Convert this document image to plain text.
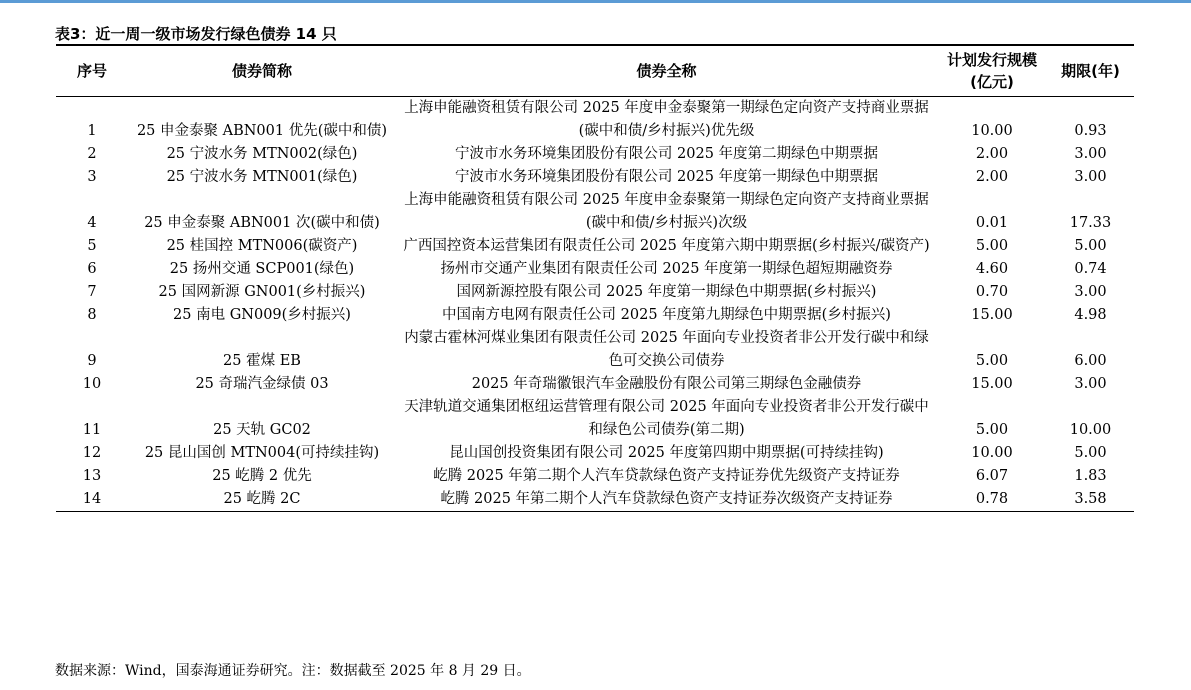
表3：近一周一级市场发行绿色债券 14 只
序号	债券简称	债券全称	计划发行规模(亿元)	期限(年)
1	25 申金泰聚 ABN001 优先(碳中和债)	上海申能融资租赁有限公司 2025 年度申金泰聚第一期绿色定向资产支持商业票据(碳中和债/乡村振兴)优先级	10.00	0.93
2	25 宁波水务 MTN002(绿色)	宁波市水务环境集团股份有限公司 2025 年度第二期绿色中期票据	2.00	3.00
3	25 宁波水务 MTN001(绿色)	宁波市水务环境集团股份有限公司 2025 年度第一期绿色中期票据	2.00	3.00
4	25 申金泰聚 ABN001 次(碳中和债)	上海申能融资租赁有限公司 2025 年度申金泰聚第一期绿色定向资产支持商业票据(碳中和债/乡村振兴)次级	0.01	17.33
5	25 桂国控 MTN006(碳资产)	广西国控资本运营集团有限责任公司 2025 年度第六期中期票据(乡村振兴/碳资产)	5.00	5.00
6	25 扬州交通 SCP001(绿色)	扬州市交通产业集团有限责任公司 2025 年度第一期绿色超短期融资券	4.60	0.74
7	25 国网新源 GN001(乡村振兴)	国网新源控股有限公司 2025 年度第一期绿色中期票据(乡村振兴)	0.70	3.00
8	25 南电 GN009(乡村振兴)	中国南方电网有限责任公司 2025 年度第九期绿色中期票据(乡村振兴)	15.00	4.98
9	25 霍煤 EB	内蒙古霍林河煤业集团有限责任公司 2025 年面向专业投资者非公开发行碳中和绿色可交换公司债券	5.00	6.00
10	25 奇瑞汽金绿债 03	2025 年奇瑞徽银汽车金融股份有限公司第三期绿色金融债券	15.00	3.00
11	25 天轨 GC02	天津轨道交通集团枢纽运营管理有限公司 2025 年面向专业投资者非公开发行碳中和绿色公司债券(第二期)	5.00	10.00
12	25 昆山国创 MTN004(可持续挂钩)	昆山国创投资集团有限公司 2025 年度第四期中期票据(可持续挂钩)	10.00	5.00
13	25 屹腾 2 优先	屹腾 2025 年第二期个人汽车贷款绿色资产支持证券优先级资产支持证券	6.07	1.83
14	25 屹腾 2C	屹腾 2025 年第二期个人汽车贷款绿色资产支持证券次级资产支持证券	0.78	3.58
数据来源：Wind，国泰海通证券研究。注：数据截至 2025 年 8 月 29 日。
